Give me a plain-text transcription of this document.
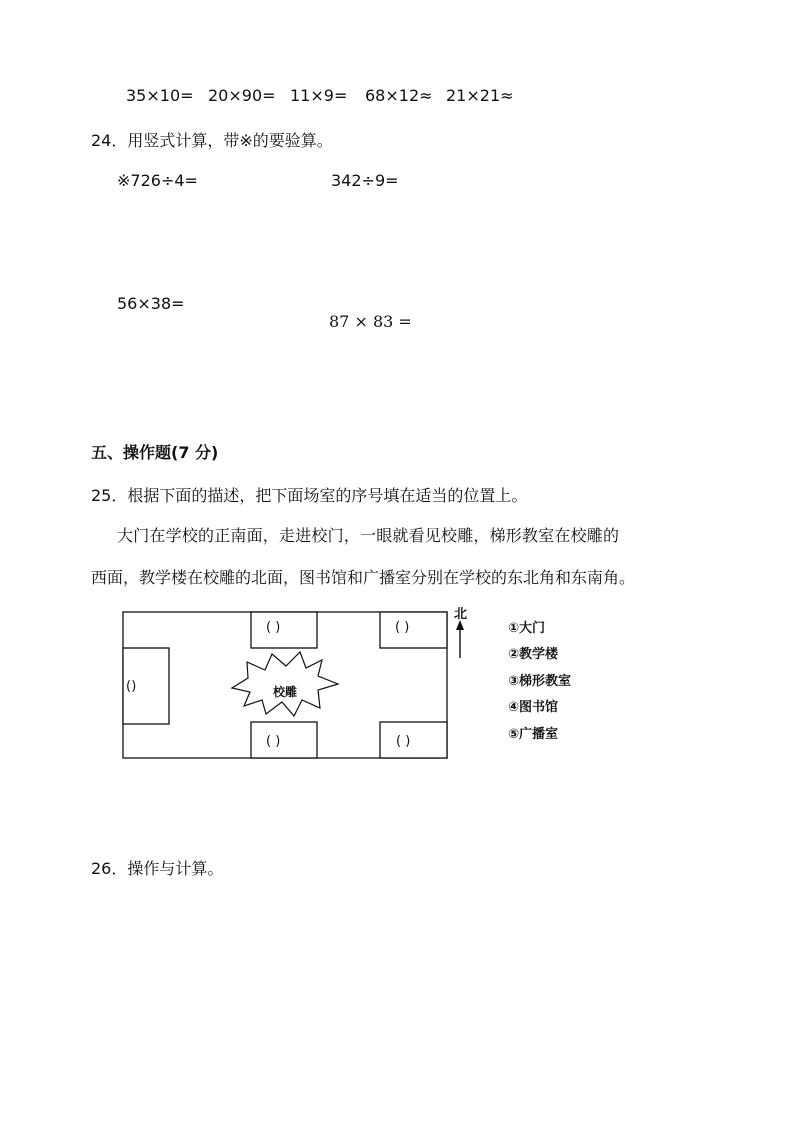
35×10= 20×90= 11×9= 68×12≈ 21×21≈
24．用竖式计算，带※的要验算。
※726÷4=	342÷9=
56×38=
87 × 83 =
五、操作题(7 分)
25．根据下面的描述，把下面场室的序号填在适当的位置上。
大门在学校的正南面，走进校门，一眼就看见校雕，梯形教室在校雕的
西面，教学楼在校雕的北面，图书馆和广播室分别在学校的东北角和东南角。
( )	( )
( )
( )	( )
校雕
北
①大门
②教学楼
③梯形教室
④图书馆
⑤广播室
26．操作与计算。
